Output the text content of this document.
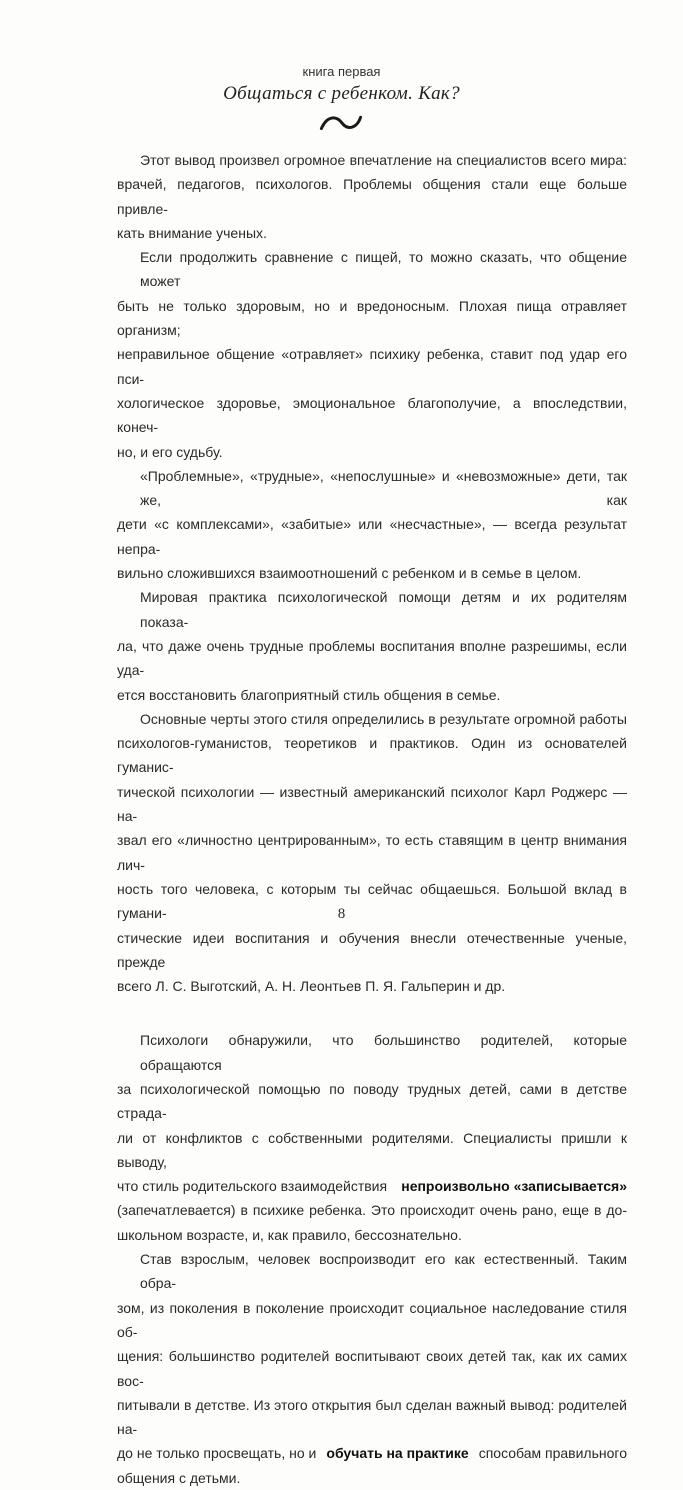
книга первая
Общаться с ребенком. Как?
Этот вывод произвел огромное впечатление на специалистов всего мира:
врачей, педагогов, психологов. Проблемы общения стали еще больше привле-
кать внимание ученых.
Если продолжить сравнение с пищей, то можно сказать, что общение может
быть не только здоровым, но и вредоносным. Плохая пища отравляет организм;
неправильное общение «отравляет» психику ребенка, ставит под удар его пси-
хологическое здоровье, эмоциональное благополучие, а впоследствии, конеч-
но, и его судьбу.
«Проблемные», «трудные», «непослушные» и «невозможные» дети, так же, как
дети «с комплексами», «забитые» или «несчастные», — всегда результат непра-
вильно сложившихся взаимоотношений с ребенком и в семье в целом.
Мировая практика психологической помощи детям и их родителям показа-
ла, что даже очень трудные проблемы воспитания вполне разрешимы, если уда-
ется восстановить благоприятный стиль общения в семье.
Основные черты этого стиля определились в результате огромной работы
психологов-гуманистов, теоретиков и практиков. Один из основателей гуманис-
тической психологии — известный американский психолог Карл Роджерс — на-
звал его «личностно центрированным», то есть ставящим в центр внимания лич-
ность того человека, с которым ты сейчас общаешься. Большой вклад в гумани-
стические идеи воспитания и обучения внесли отечественные ученые, прежде
всего Л. С. Выготский, А. Н. Леонтьев П. Я. Гальперин и др.
Психологи обнаружили, что большинство родителей, которые обращаются
за психологической помощью по поводу трудных детей, сами в детстве страда-
ли от конфликтов с собственными родителями. Специалисты пришли к выводу,
что стиль родительского взаимодействия непроизвольно «записывается»
(запечатлевается) в психике ребенка. Это происходит очень рано, еще в до-
школьном возрасте, и, как правило, бессознательно.
Став взрослым, человек воспроизводит его как естественный. Таким обра-
зом, из поколения в поколение происходит социальное наследование стиля об-
щения: большинство родителей воспитывают своих детей так, как их самих вос-
питывали в детстве. Из этого открытия был сделан важный вывод: родителей на-
до не только просвещать, но и обучать на практике способам правильного
общения с детьми.
8
